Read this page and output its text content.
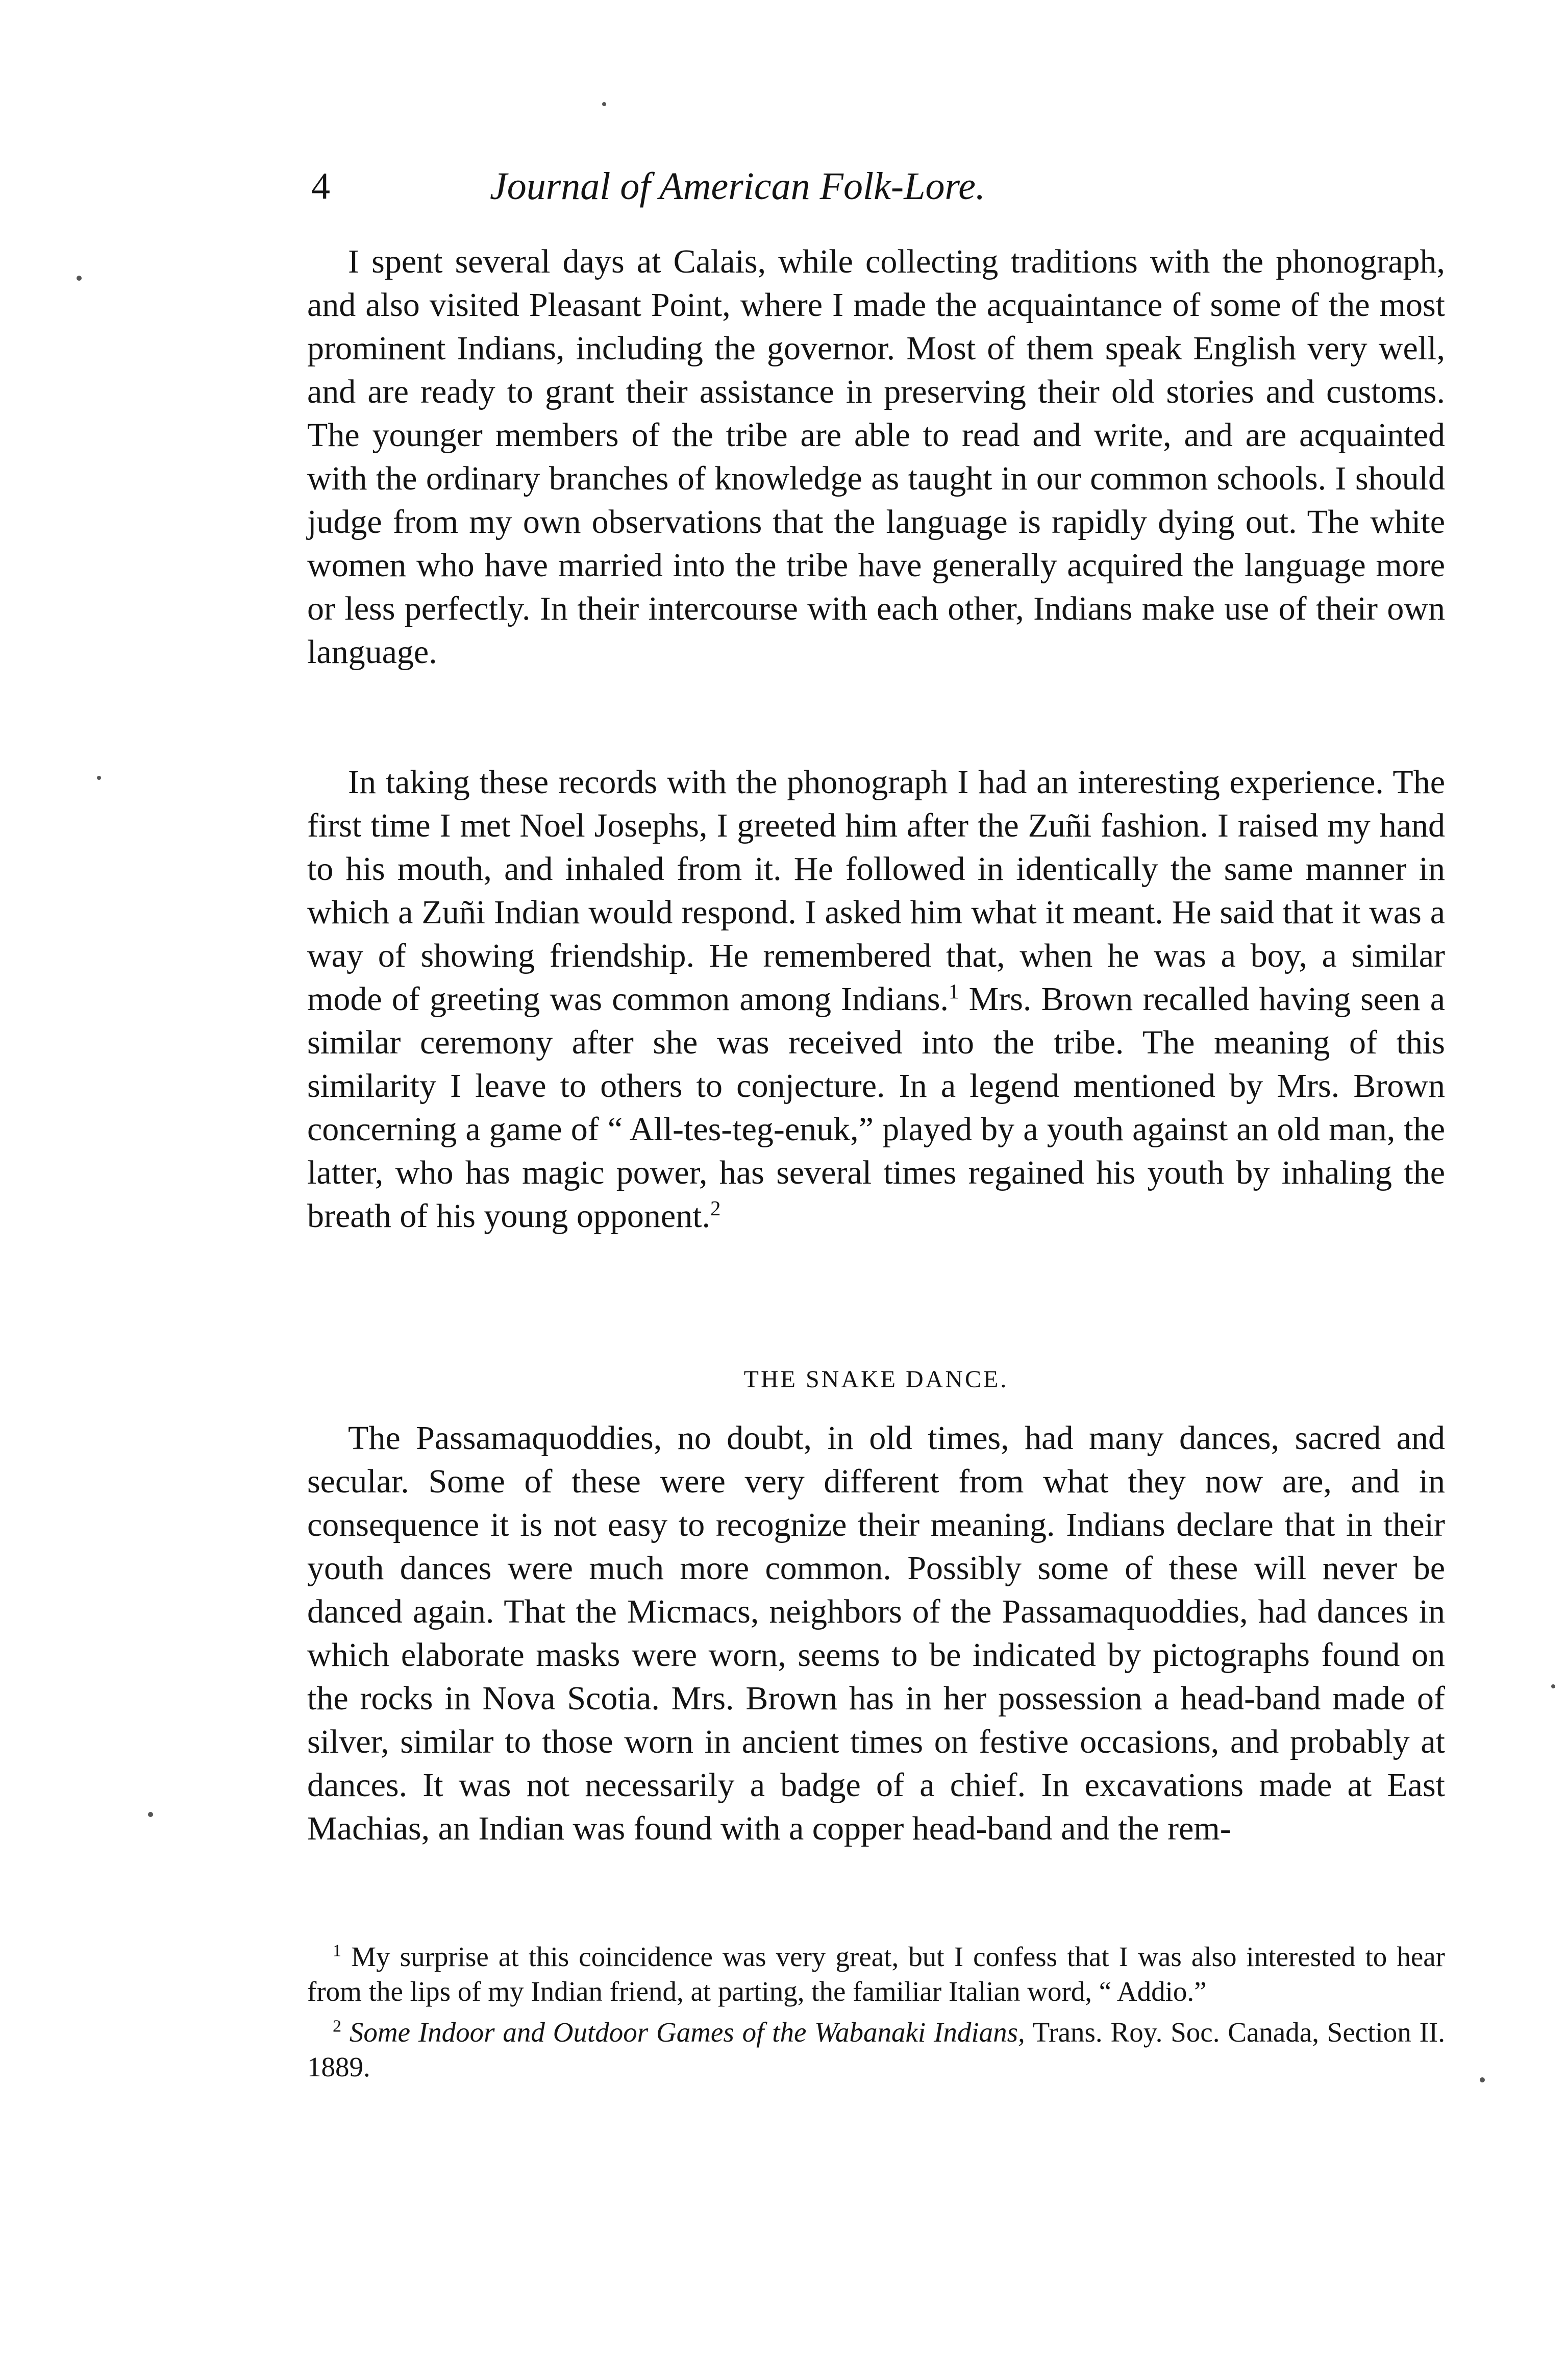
4	Journal of American Folk-Lore.

I spent several days at Calais, while collecting traditions with the phonograph, and also visited Pleasant Point, where I made the acquaintance of some of the most prominent Indians, including the governor. Most of them speak English very well, and are ready to grant their assistance in preserving their old stories and customs. The younger members of the tribe are able to read and write, and are acquainted with the ordinary branches of knowledge as taught in our common schools. I should judge from my own observations that the language is rapidly dying out. The white women who have married into the tribe have generally acquired the language more or less perfectly. In their intercourse with each other, Indians make use of their own language.

In taking these records with the phonograph I had an interesting experience. The first time I met Noel Josephs, I greeted him after the Zuñi fashion. I raised my hand to his mouth, and inhaled from it. He followed in identically the same manner in which a Zuñi Indian would respond. I asked him what it meant. He said that it was a way of showing friendship. He remembered that, when he was a boy, a similar mode of greeting was common among Indians.$^1$ Mrs. Brown recalled having seen a similar ceremony after she was received into the tribe. The meaning of this similarity I leave to others to conjecture. In a legend mentioned by Mrs. Brown concerning a game of “ All-tes-teg-enuk,” played by a youth against an old man, the latter, who has magic power, has several times regained his youth by inhaling the breath of his young opponent.$^2$

THE SNAKE DANCE.

The Passamaquoddies, no doubt, in old times, had many dances, sacred and secular. Some of these were very different from what they now are, and in consequence it is not easy to recognize their meaning. Indians declare that in their youth dances were much more common. Possibly some of these will never be danced again. That the Micmacs, neighbors of the Passamaquoddies, had dances in which elaborate masks were worn, seems to be indicated by pictographs found on the rocks in Nova Scotia. Mrs. Brown has in her possession a head-band made of silver, similar to those worn in ancient times on festive occasions, and probably at dances. It was not necessarily a badge of a chief. In excavations made at East Machias, an Indian was found with a copper head-band and the rem-

$^1$ My surprise at this coincidence was very great, but I confess that I was also interested to hear from the lips of my Indian friend, at parting, the familiar Italian word, “ Addio.”

$^2$ Some Indoor and Outdoor Games of the Wabanaki Indians, Trans. Roy. Soc. Canada, Section II. 1889.
